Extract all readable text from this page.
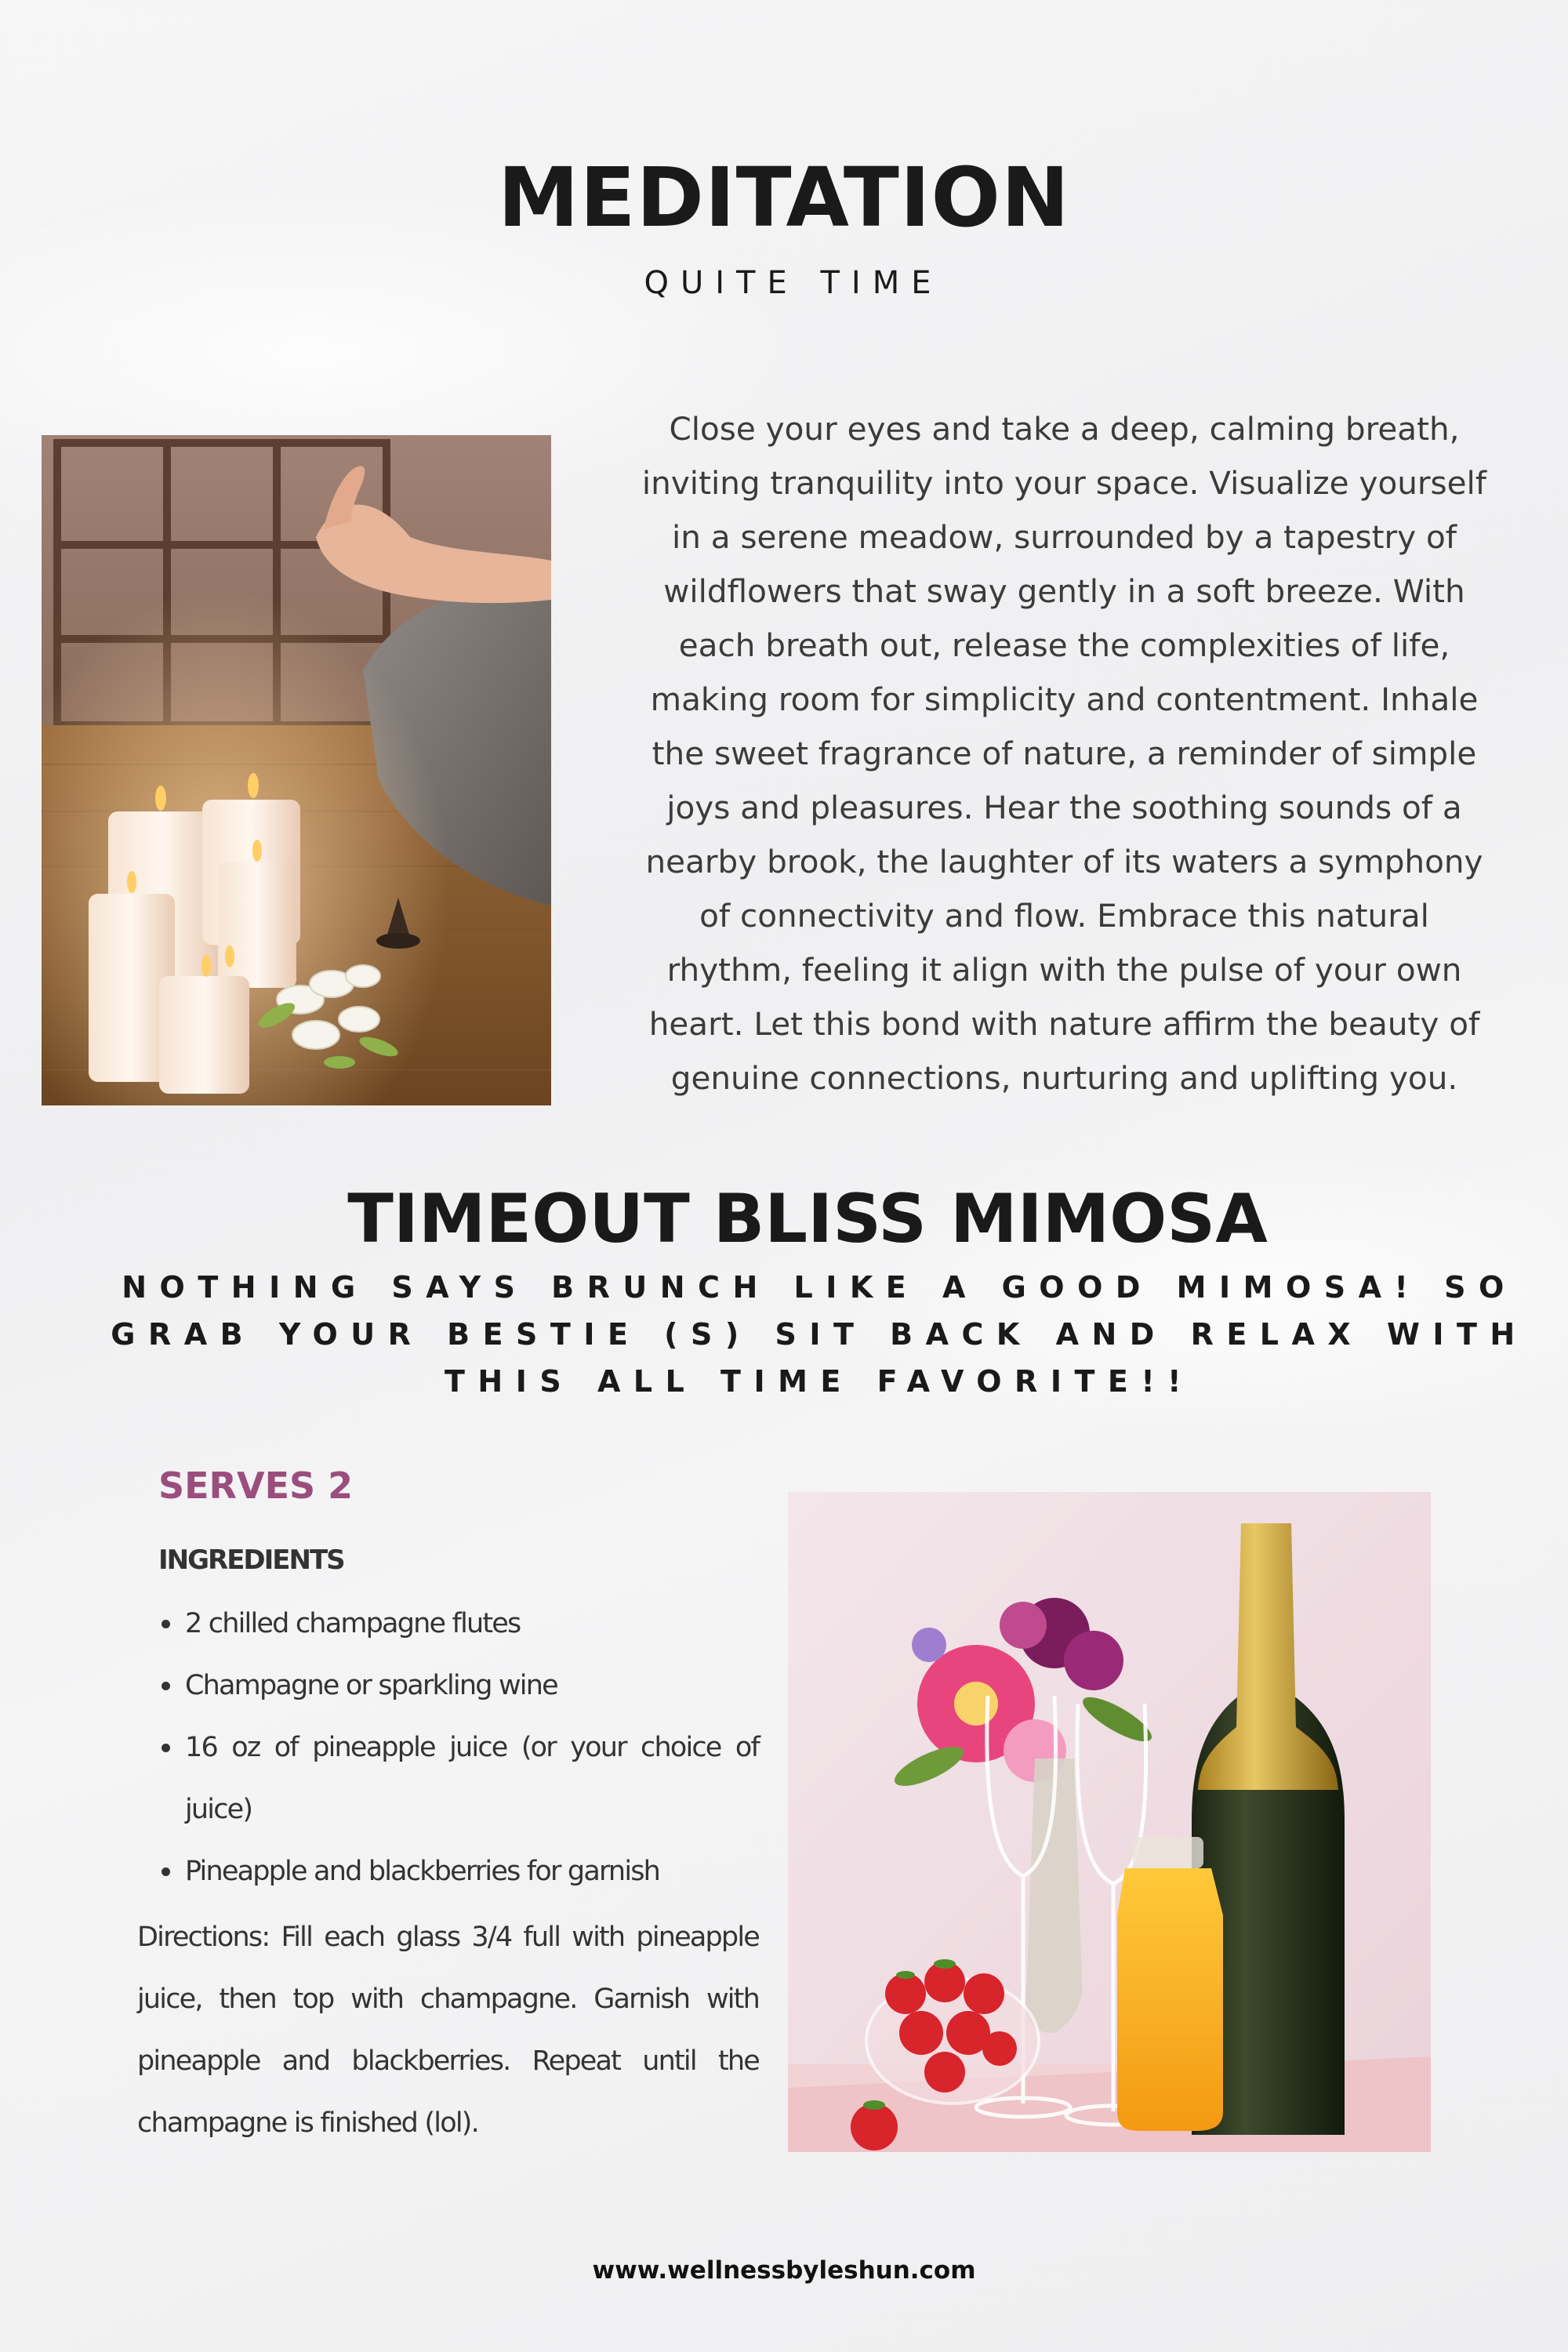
MEDITATION
QUITE TIME
Close your eyes and take a deep, calming breath,
inviting tranquility into your space. Visualize yourself
in a serene meadow, surrounded by a tapestry of
wildflowers that sway gently in a soft breeze. With
each breath out, release the complexities of life,
making room for simplicity and contentment. Inhale
the sweet fragrance of nature, a reminder of simple
joys and pleasures. Hear the soothing sounds of a
nearby brook, the laughter of its waters a symphony
of connectivity and flow. Embrace this natural
rhythm, feeling it align with the pulse of your own
heart. Let this bond with nature affirm the beauty of
genuine connections, nurturing and uplifting you.
TIMEOUT BLISS MIMOSA
NOTHING SAYS BRUNCH LIKE A GOOD MIMOSA! SO
GRAB YOUR BESTIE (S) SIT BACK AND RELAX WITH
THIS ALL TIME FAVORITE!!
SERVES 2
INGREDIENTS
2 chilled champagne flutes
Champagne or sparkling wine
16 oz of pineapple juice (or your choice of juice)
Pineapple and blackberries for garnish
Directions: Fill each glass 3/4 full with pineapple juice, then top with champagne. Garnish with pineapple and blackberries. Repeat until the champagne is finished (lol).
www.wellnessbyleshun.com
